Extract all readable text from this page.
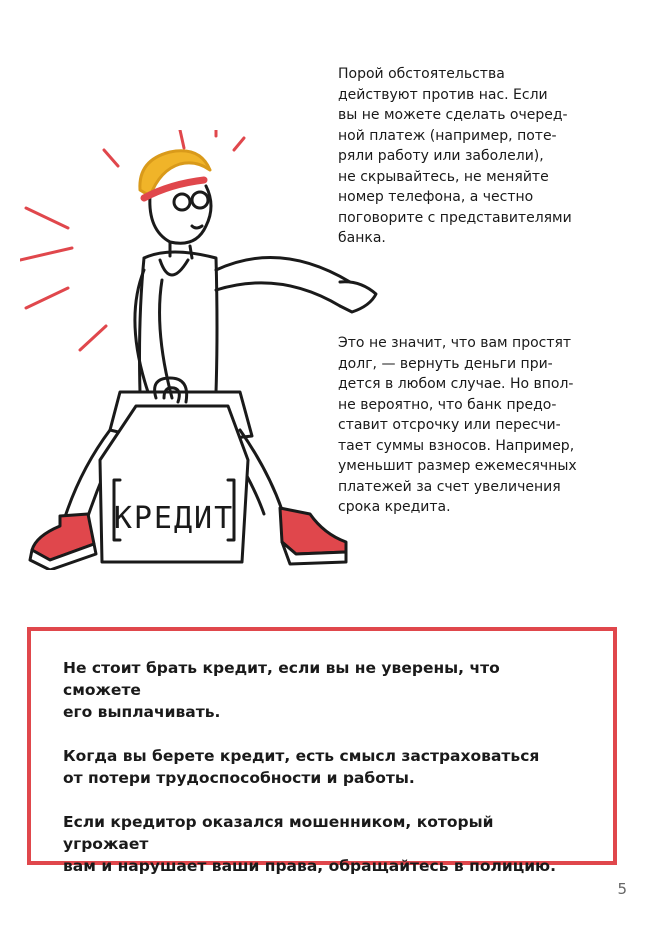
КРЕДИТ

Порой обстоятельства
действуют против нас. Если
вы не можете сделать очеред-
ной платеж (например, поте-
ряли работу или заболели),
не скрывайтесь, не меняйте
номер телефона, а честно
поговорите с представителями
банка.

Это не значит, что вам простят
долг, — вернуть деньги при-
дется в любом случае. Но впол-
не вероятно, что банк предо-
ставит отсрочку или пересчи-
тает суммы взносов. Например,
уменьшит размер ежемесячных
платежей за счет увеличения
срока кредита.

Не стоит брать кредит, если вы не уверены, что сможете
его выплачивать.

Когда вы берете кредит, есть смысл застраховаться
от потери трудоспособности и работы.

Если кредитор оказался мошенником, который угрожает
вам и нарушает ваши права, обращайтесь в полицию.

5
